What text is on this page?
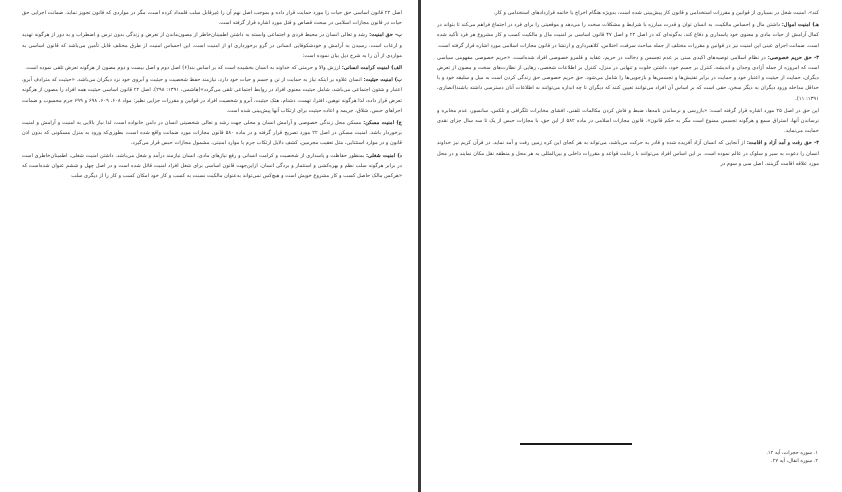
اصل ۲۲ قانون اساسی حق حیات را مورد حمایت قرار داده و بموجب اصل نهم آن را غیرقابل سلب قلمداد کرده است، مگر در مواردی که قانون تجویز نماید. ضمانت اجرایی حق حیات در قانون مجازات اسلامی در مبحث قصاص و قتل مورد اشاره قرار گرفته است.

ب- حق امنیت: رشد و تعالی انسان در محیط فردی و اجتماعی وابسته به داشتن اطمینان‌خاطر از مصون‌ماندن از تعرض و زندگی بدون ترس و اضطراب و به دور از هرگونه تهدید و ارعاب است. رسیدن به آرامش و خودشکوفایی انسانی در گرو برخورداری او از امنیت است. این احساس امنیت از طرق مختلف قابل تأمین می‌باشد که قانون اساسی به مواردی از آن را به شرح ذیل بیان نموده است:

الف) امنیت کرامت انسانی: ارزش والا و حرمتی که خداوند به انسان بخشیده است که بر اساس بند(۶) اصل دوم و اصل بیست و دوم مصون از هرگونه تعرض تلقی نموده است.

ب) امنیت حیثیت: انسان علاوه بر اینکه نیاز به حمایت از تن و جسم و حیات خود دارد، نیازمند حفظ شخصیت و حیثیت و آبروی خود نزد دیگران می‌باشد. «حیثیت که مترادف آبرو، اعتبار و شئون اجتماعی می‌باشد، شامل حیثیت معنوی افراد در روابط اجتماعی تلقی می‌گردد»(هاشمی، ۱۳۹۱: ۲۹۸). اصل ۲۲ قانون اساسی حیثیت همه افراد را مصون از هرگونه تعرض قرار داده، لذا هرگونه توهین، افترا، تهمت، دشنام، هتک حیثیت، آبرو و شخصیت افراد در قوانین و مقررات جزایی نظیر: مواد ۶۰۸، ۶۰۹، ۶۹۸ و ۶۹۹ جرم محسوب و ضمانت اجراهای حبس، شلاق، جریمه و اعاده حیثیت برای ارتکاب آنها پیش‌بینی شده است.

ج) امنیت مسکن: مسکن محل زندگی خصوصی و آرامش انسان و محلی جهت رشد و تعالی شخصیتی انسان در دامن خانواده است، لذا نیاز بالایی به امنیت و آرامش و امنیت برخوردار باشد. امنیت مسکن در اصل ۲۲ مورد تصریح قرار گرفته و در ماده ۵۸۰ قانون مجازات مورد ضمانت واقع شده است، بطوری‌که ورود به منزل مسکونی که بدون اذن قانون و در موارد استثنایی، مثل تعقیب مجرمین، کشف دلایل ارتکاب جرم یا موارد امنیتی، مشمول مجازات حبس قرار می‌گیرد.

د) امنیت شغلی: بمنظور حفاظت و پاسداری از شخصیت و کرامت انسانی و رفع نیازهای مادی، انسان نیازمند درآمد و شغل می‌باشد. داشتن امنیت شغلی، اطمینان‌خاطری است در برابر هرگونه سلب نظم و بهره‌کشی و استثمار و بردگی انسان. ازاین‌جهت قانون اساسی برای شغل افراد امنیت قائل شده است و در اصل چهل و ششم عنوان شده‌است که «هرکس مالک حاصل کسب و کار مشروع خویش است و هیچ‌کس نمی‌تواند به‌عنوان مالکیت نسبت به کسب و کار خود امکان کسب و کار را از دیگری سلب

کند». امنیت شغل در بسیاری از قوانین و مقررات استخدامی و قانون کار پیش‌بینی شده است، بدویژه هنگام اخراج یا خاتمه قراردادهای استخدامی و کار.

هـ) امنیت اموال: داشتن مال و احساس مالکیت، به انسان توان و قدرت مبارزه با شرایط و مشکلات سخت را می‌دهد و موقعیتی را برای فرد در اجتماع فراهم می‌کند تا بتواند در کمال آرامش از حیات مادی و معنوی خود پاسداری و دفاع کند، به‌گونه‌ای که در اصل ۲۲ و اصل ۴۷ قانون اساسی بر امنیت مال و مالکیت کسب و کار مشروع هر فرد تأکید شده است. ضمانت اجرای عینی این امنیت نیز در قوانین و مقررات مختلف از جمله مباحث سرقت، اختلاس، کلاهبرداری و ارتشا در قانون مجازات اسلامی مورد اشاره قرار گرفته است.

۳- حق حریم خصوصی: در نظام اسلامی توصیه‌های اکیدی مبنی بر عدم تجسس و دخالت در حریم، عقاید و قلمرو خصوصی افراد شده‌است. «حریم خصوصی مفهومی سیاسی است که امروزه از جمله آزادی وجدان و اندیشه، کنترل بر جسم خود، داشتن خلوت و تنهایی در منزل، کنترل بر اطلاعات شخصی، رهایی از نظارت‌های سخت و مصون از تعرض دیگران، حمایت از حیثیت و اعتبار خود و حمایت در برابر تفتیش‌ها و تجسس‌ها و بازجویی‌ها را شامل می‌شود. حق حریم خصوصی حق زندگی کردن است به میل و سلیقه خود و با حداقل مداخله ورود دیگران به دیگر سخن، حقی است که بر اساس آن افراد می‌توانند تعیین کنند که دیگران تا چه اندازه می‌توانند به اطلاعات آنان دسترسی داشته باشند(انصاری، ۱۳۹۱: ۱۱).

این حق در اصل ۲۵ مورد اشاره قرار گرفته است: «بازرسی و نرساندن نامه‌ها، ضبط و فاش کردن مکالمات تلفنی، افشای مخابرات تلگرافی و تلکس، سانسور، عدم مخابره و نرساندن آنها، استراق سمع و هرگونه تجسس ممنوع است مگر به حکم قانون». قانون مجازات اسلامی در ماده ۵۸۲ از این حق، با مجازات حبس از یک تا سه سال جزای نقدی حمایت می‌نماید.

۴- حق رفت و آمد آزاد و اقامت: از آنجایی که انسان آزاد آفریده شده و قادر به حرکت می‌باشد، می‌تواند به هر کجای این کره زمین رفت و آمد نماید. در قرآن کریم نیز خداوند انسان را دعوت به سیر و سلوک در عالم نموده است. بر این اساس افراد می‌توانند با رعایت قواعد و مقررات داخلی و بین‌المللی به هر محل و منطقه نقل مکان نمایند و در محل مورد علاقه اقامت گزینند. اصل سی و سوم در

۱. سوره حجرات، آیه ۱۲.
۲. سوره انفال، آیه ۲۷.
